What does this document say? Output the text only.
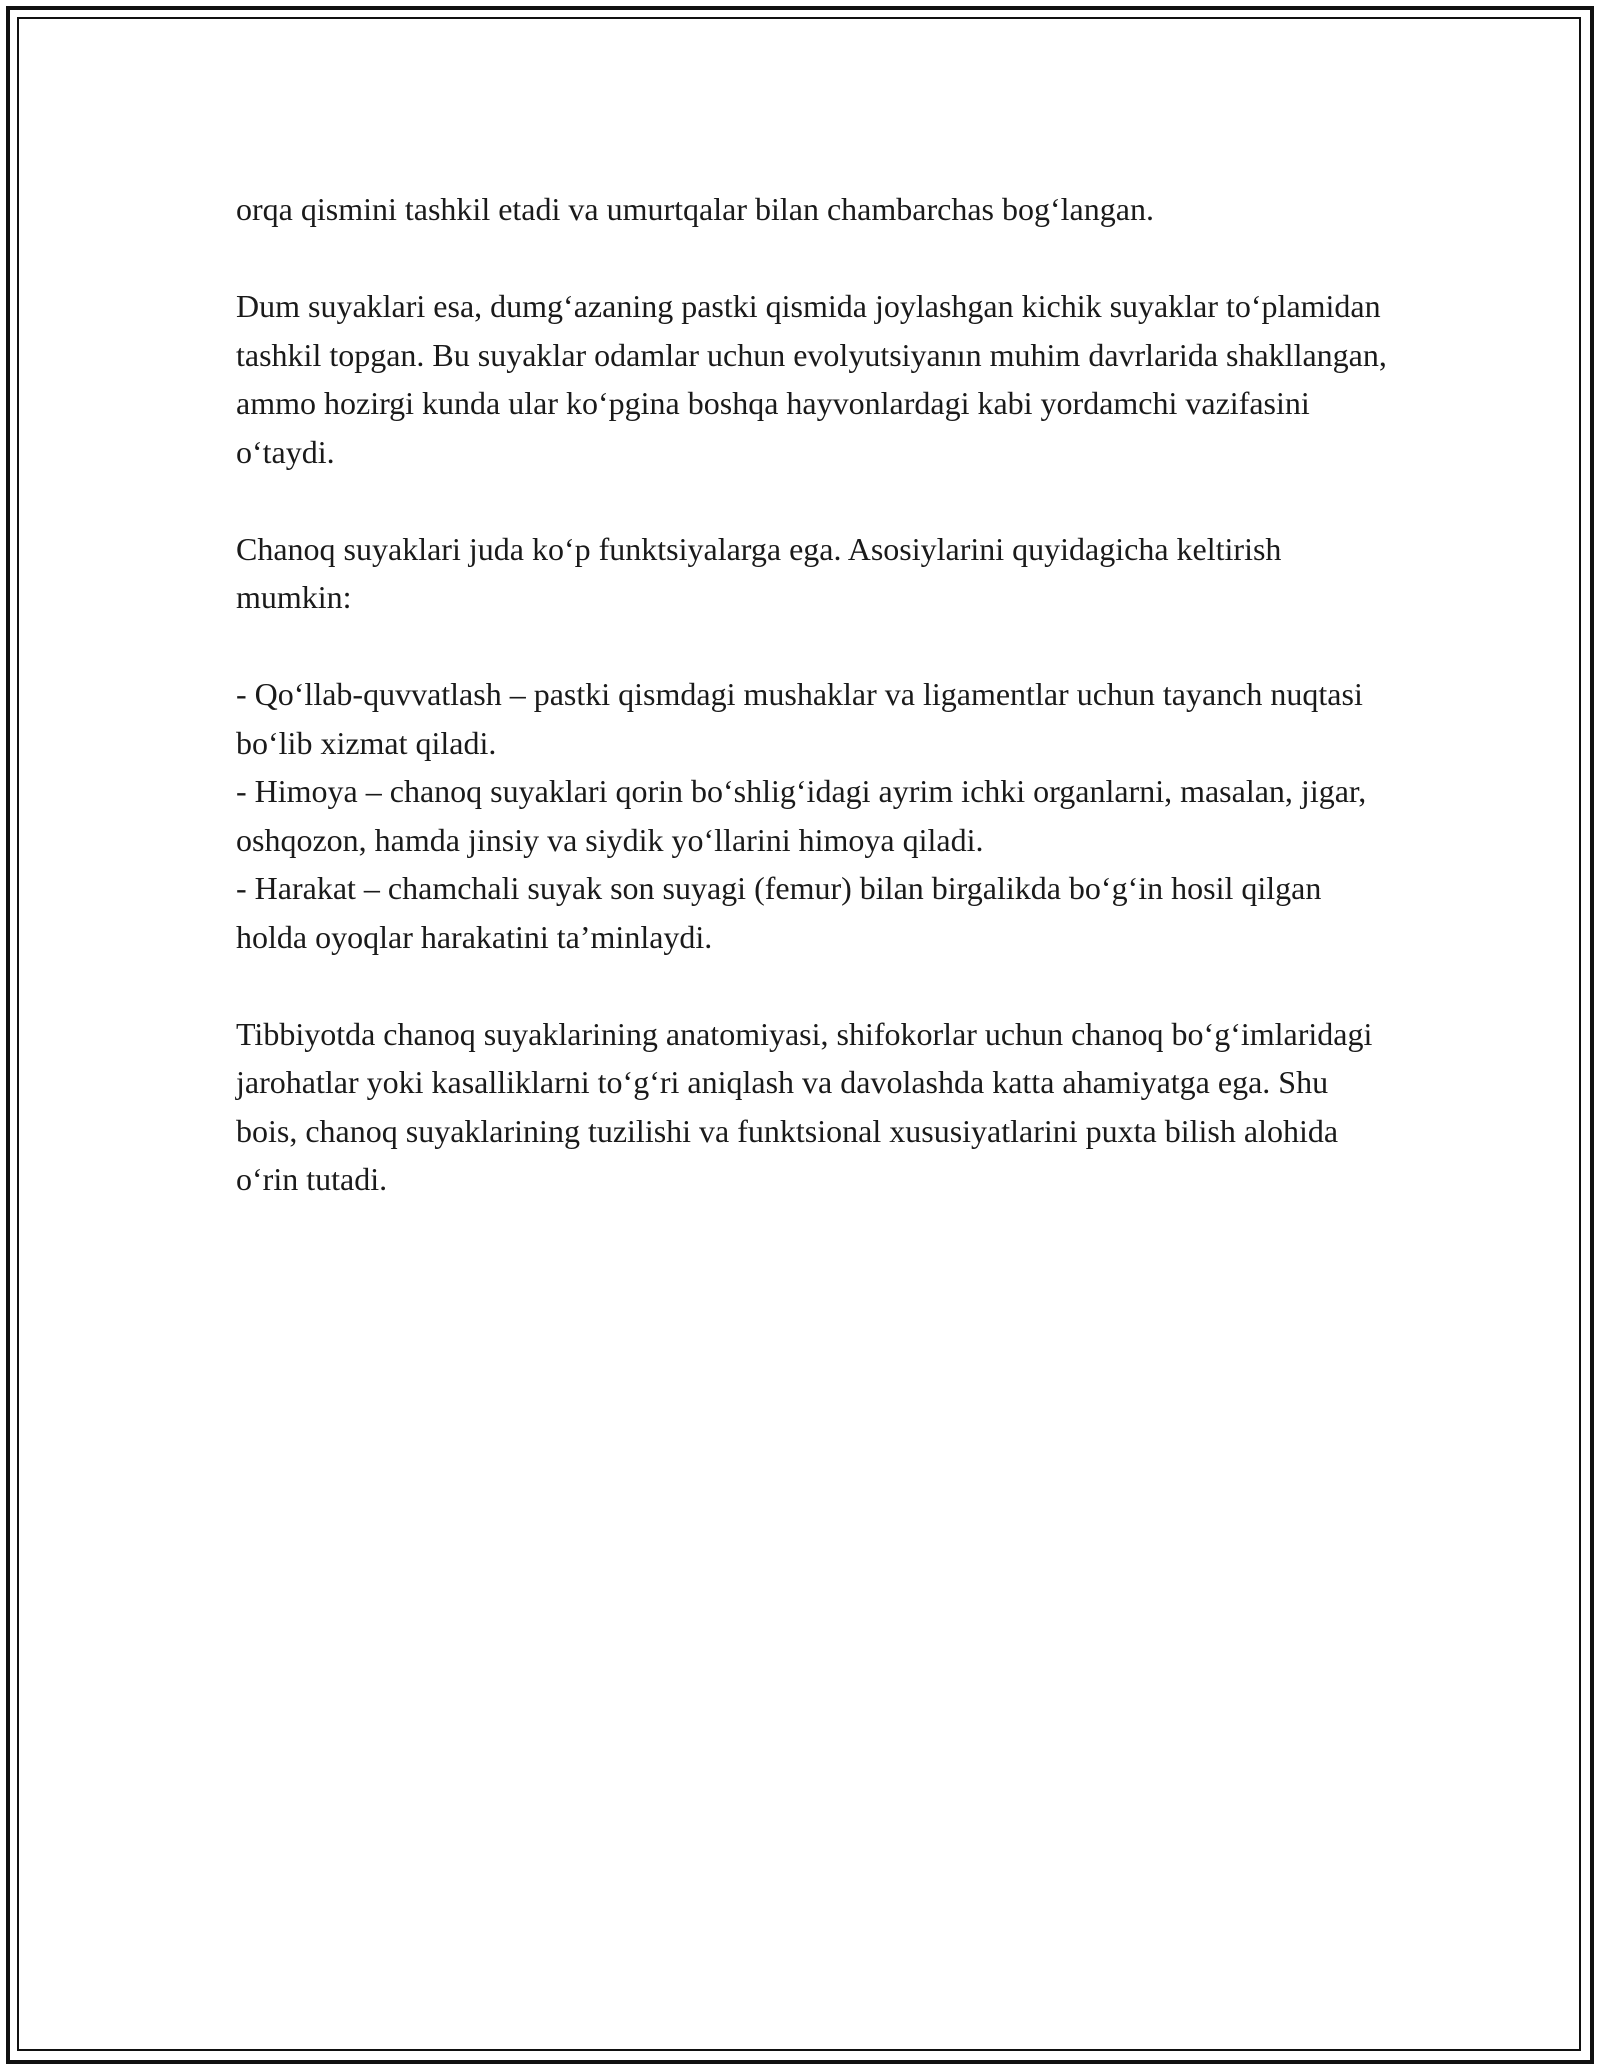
orqa qismini tashkil etadi va umurtqalar bilan chambarchas bog‘langan.

Dum suyaklari esa, dumg‘azaning pastki qismida joylashgan kichik suyaklar to‘plamidan tashkil topgan. Bu suyaklar odamlar uchun evolyutsiyanın muhim davrlarida shakllangan, ammo hozirgi kunda ular ko‘pgina boshqa hayvonlardagi kabi yordamchi vazifasini o‘taydi.

Chanoq suyaklari juda ko‘p funktsiyalarga ega. Asosiylarini quyidagicha keltirish mumkin:

- Qo‘llab-quvvatlash – pastki qismdagi mushaklar va ligamentlar uchun tayanch nuqtasi bo‘lib xizmat qiladi.

- Himoya – chanoq suyaklari qorin bo‘shlig‘idagi ayrim ichki organlarni, masalan, jigar, oshqozon, hamda jinsiy va siydik yo‘llarini himoya qiladi.

- Harakat – chamchali suyak son suyagi (femur) bilan birgalikda bo‘g‘in hosil qilgan holda oyoqlar harakatini ta’minlaydi.

Tibbiyotda chanoq suyaklarining anatomiyasi, shifokorlar uchun chanoq bo‘g‘imlaridagi jarohatlar yoki kasalliklarni to‘g‘ri aniqlash va davolashda katta ahamiyatga ega. Shu bois, chanoq suyaklarining tuzilishi va funktsional xususiyatlarini puxta bilish alohida o‘rin tutadi.
